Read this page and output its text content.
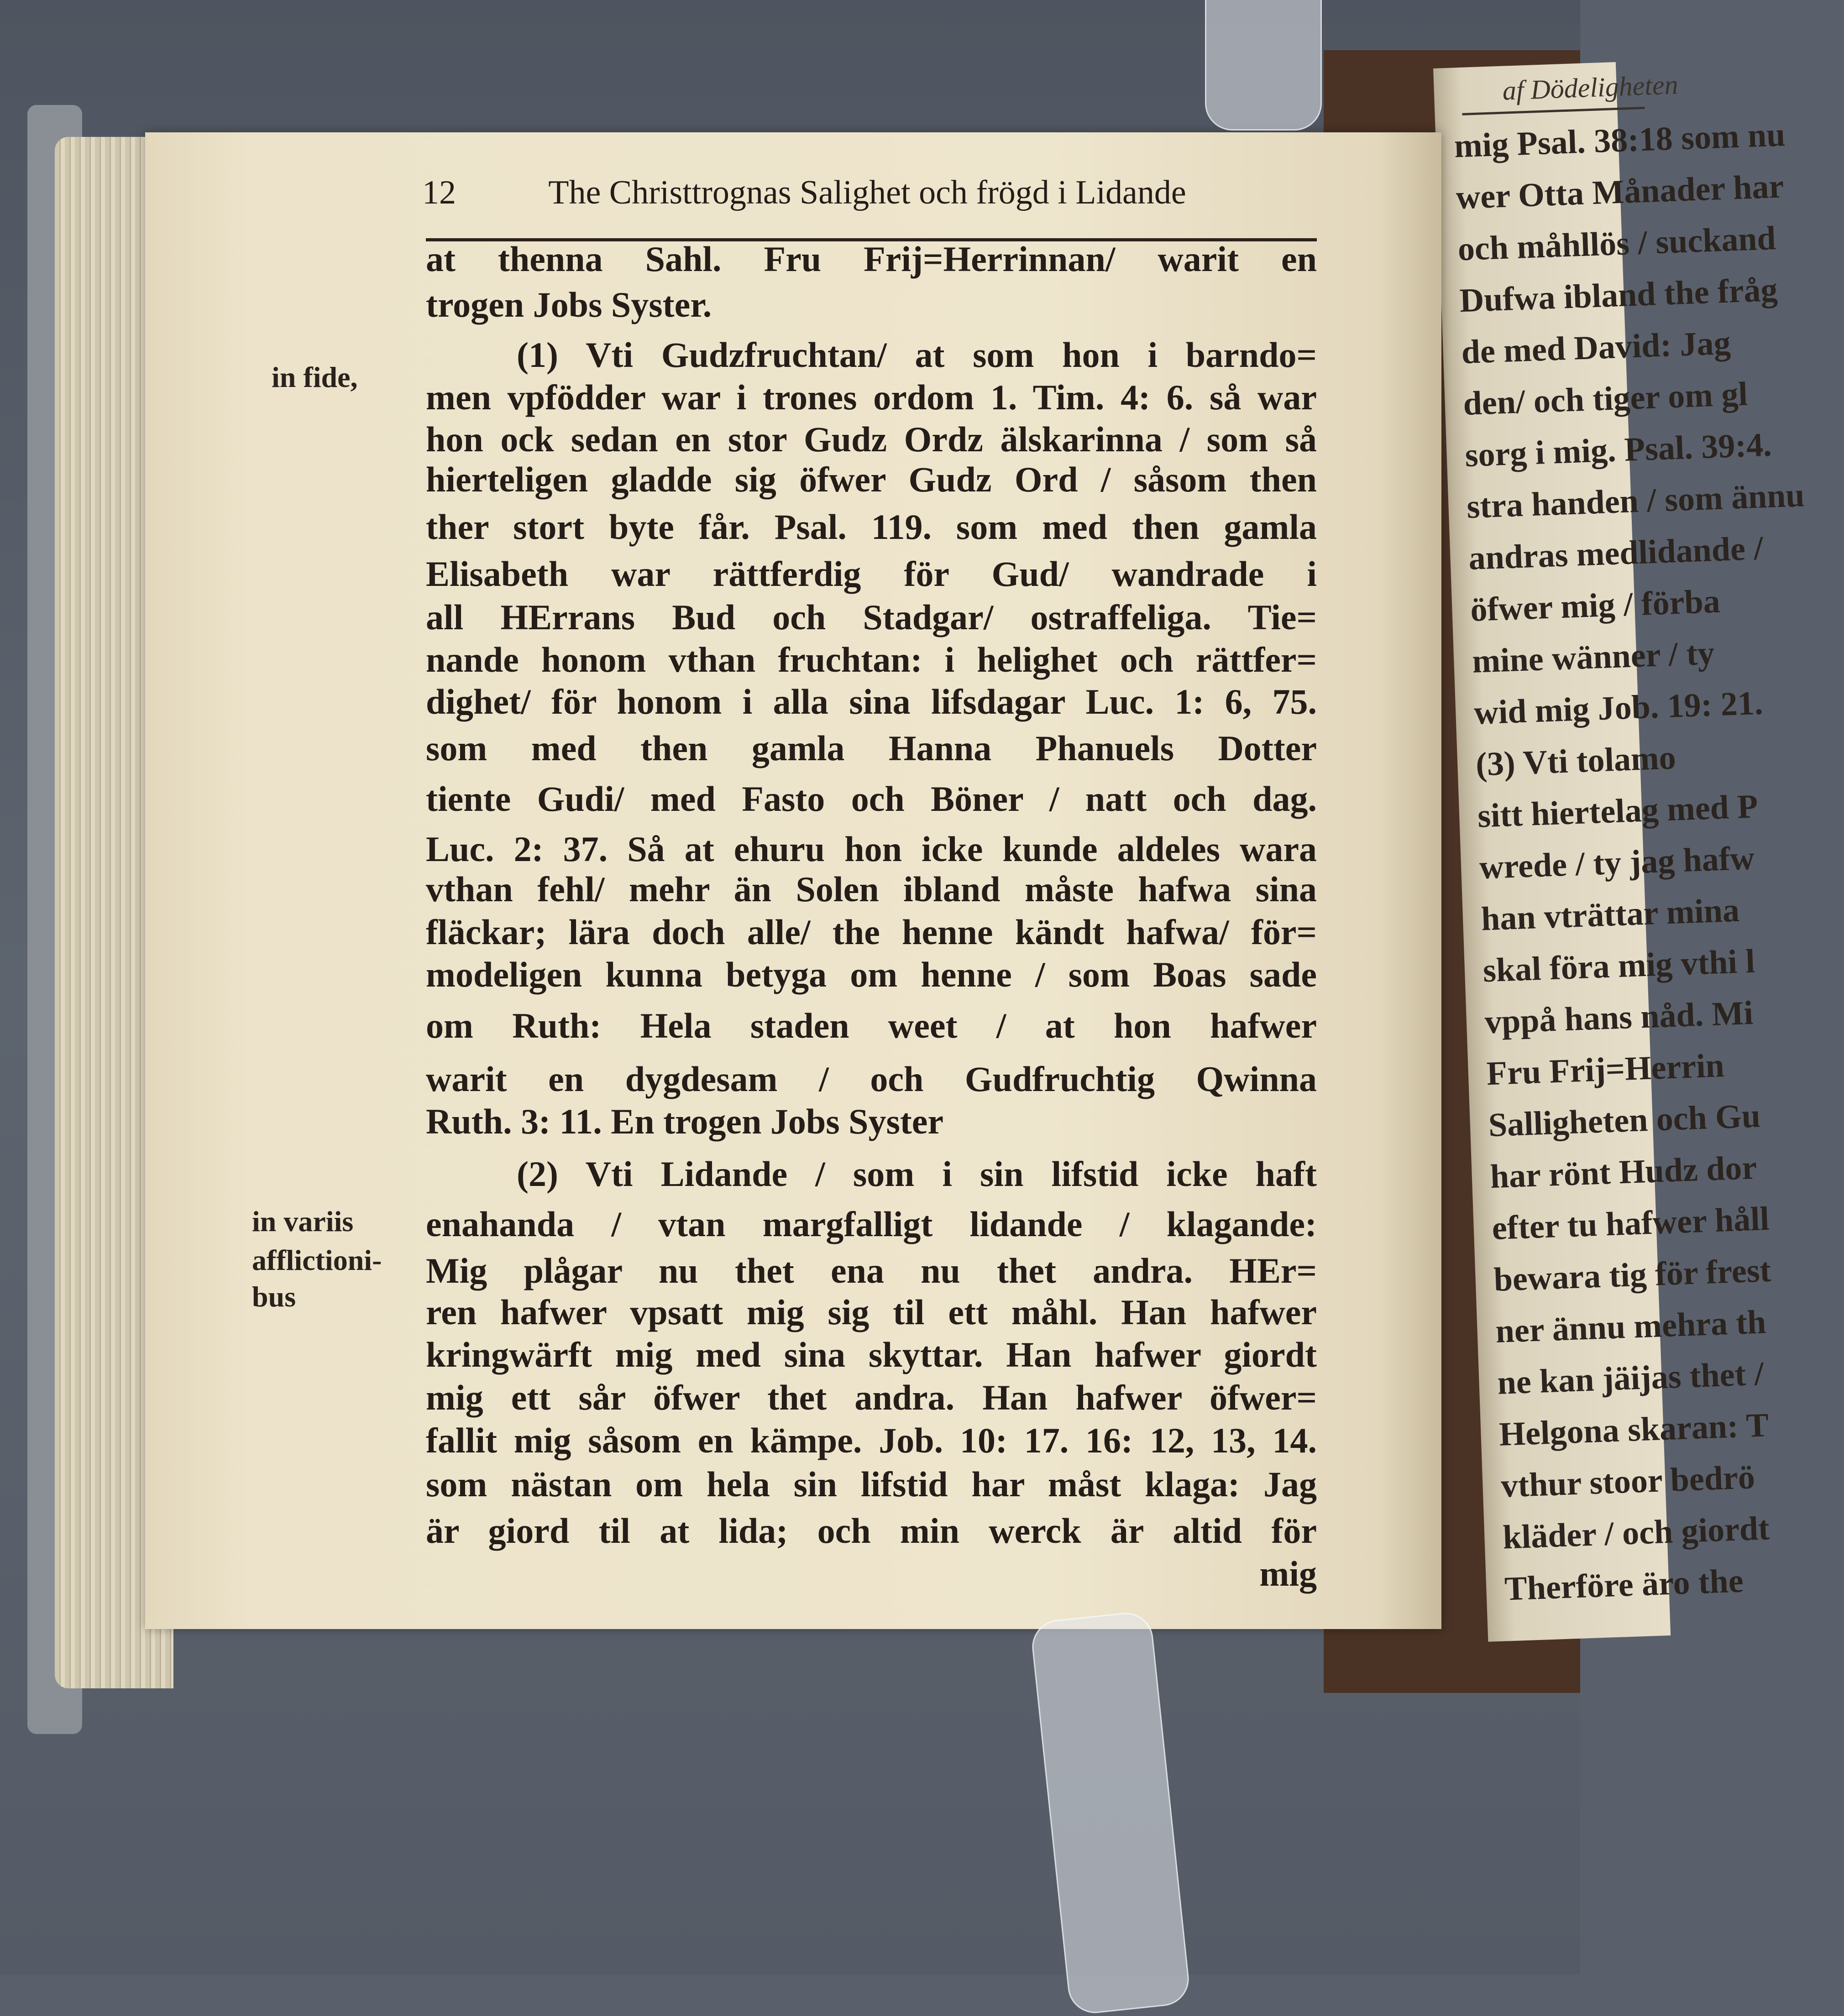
af Dödeligheten
mig Psal. 38:18 som nu
wer Otta Månader har
och måhllös / suckand
Dufwa ibland the fråg
de med David: Jag
den/ och tiger om gl
sorg i mig. Psal. 39:4.
stra handen / som ännu
andras medlidande /
öfwer mig / förba
mine wänner / ty
wid mig Job. 19: 21.
(3) Vti tolamo
sitt hiertelag med P
wrede / ty jag hafw
han vträttar mina
skal föra mig vthi l
vppå hans nåd. Mi
Fru Frij=Herrin
Salligheten och Gu
har rönt Hudz dor
efter tu hafwer håll
bewara tig för frest
ner ännu mehra th
ne kan jäijas thet /
Helgona skaran: T
vthur stoor bedrö
kläder / och giordt
Therföre äro the
12	The Christtrognas Salighet och frögd i Lidande
in fide,
in variis
afflictioni-
bus
at thenna Sahl. Fru Frij=Herrinnan/ warit en
trogen Jobs Syster.
(1) Vti Gudzfruchtan/ at som hon i barndo=
men vpfödder war i trones ordom 1. Tim. 4: 6. så war
hon ock sedan en stor Gudz Ordz älskarinna / som så
hierteligen gladde sig öfwer Gudz Ord / såsom then
ther stort byte får. Psal. 119. som med then gamla
Elisabeth war rättferdig för Gud/ wandrade i
all HErrans Bud och Stadgar/ ostraffeliga. Tie=
nande honom vthan fruchtan: i helighet och rättfer=
dighet/ för honom i alla sina lifsdagar Luc. 1: 6, 75.
som med then gamla Hanna Phanuels Dotter
tiente Gudi/ med Fasto och Böner / natt och dag.
Luc. 2: 37. Så at ehuru hon icke kunde aldeles wara
vthan fehl/ mehr än Solen ibland måste hafwa sina
fläckar; lära doch alle/ the henne kändt hafwa/ för=
modeligen kunna betyga om henne / som Boas sade
om Ruth: Hela staden weet / at hon hafwer
warit en dygdesam / och Gudfruchtig Qwinna
Ruth. 3: 11. En trogen Jobs Syster
(2) Vti Lidande / som i sin lifstid icke haft
enahanda / vtan margfalligt lidande / klagande:
Mig plågar nu thet ena nu thet andra. HEr=
ren hafwer vpsatt mig sig til ett måhl. Han hafwer
kringwärft mig med sina skyttar. Han hafwer giordt
mig ett sår öfwer thet andra. Han hafwer öfwer=
fallit mig såsom en kämpe. Job. 10: 17. 16: 12, 13, 14.
som nästan om hela sin lifstid har måst klaga: Jag
är giord til at lida; och min werck är altid för
mig
